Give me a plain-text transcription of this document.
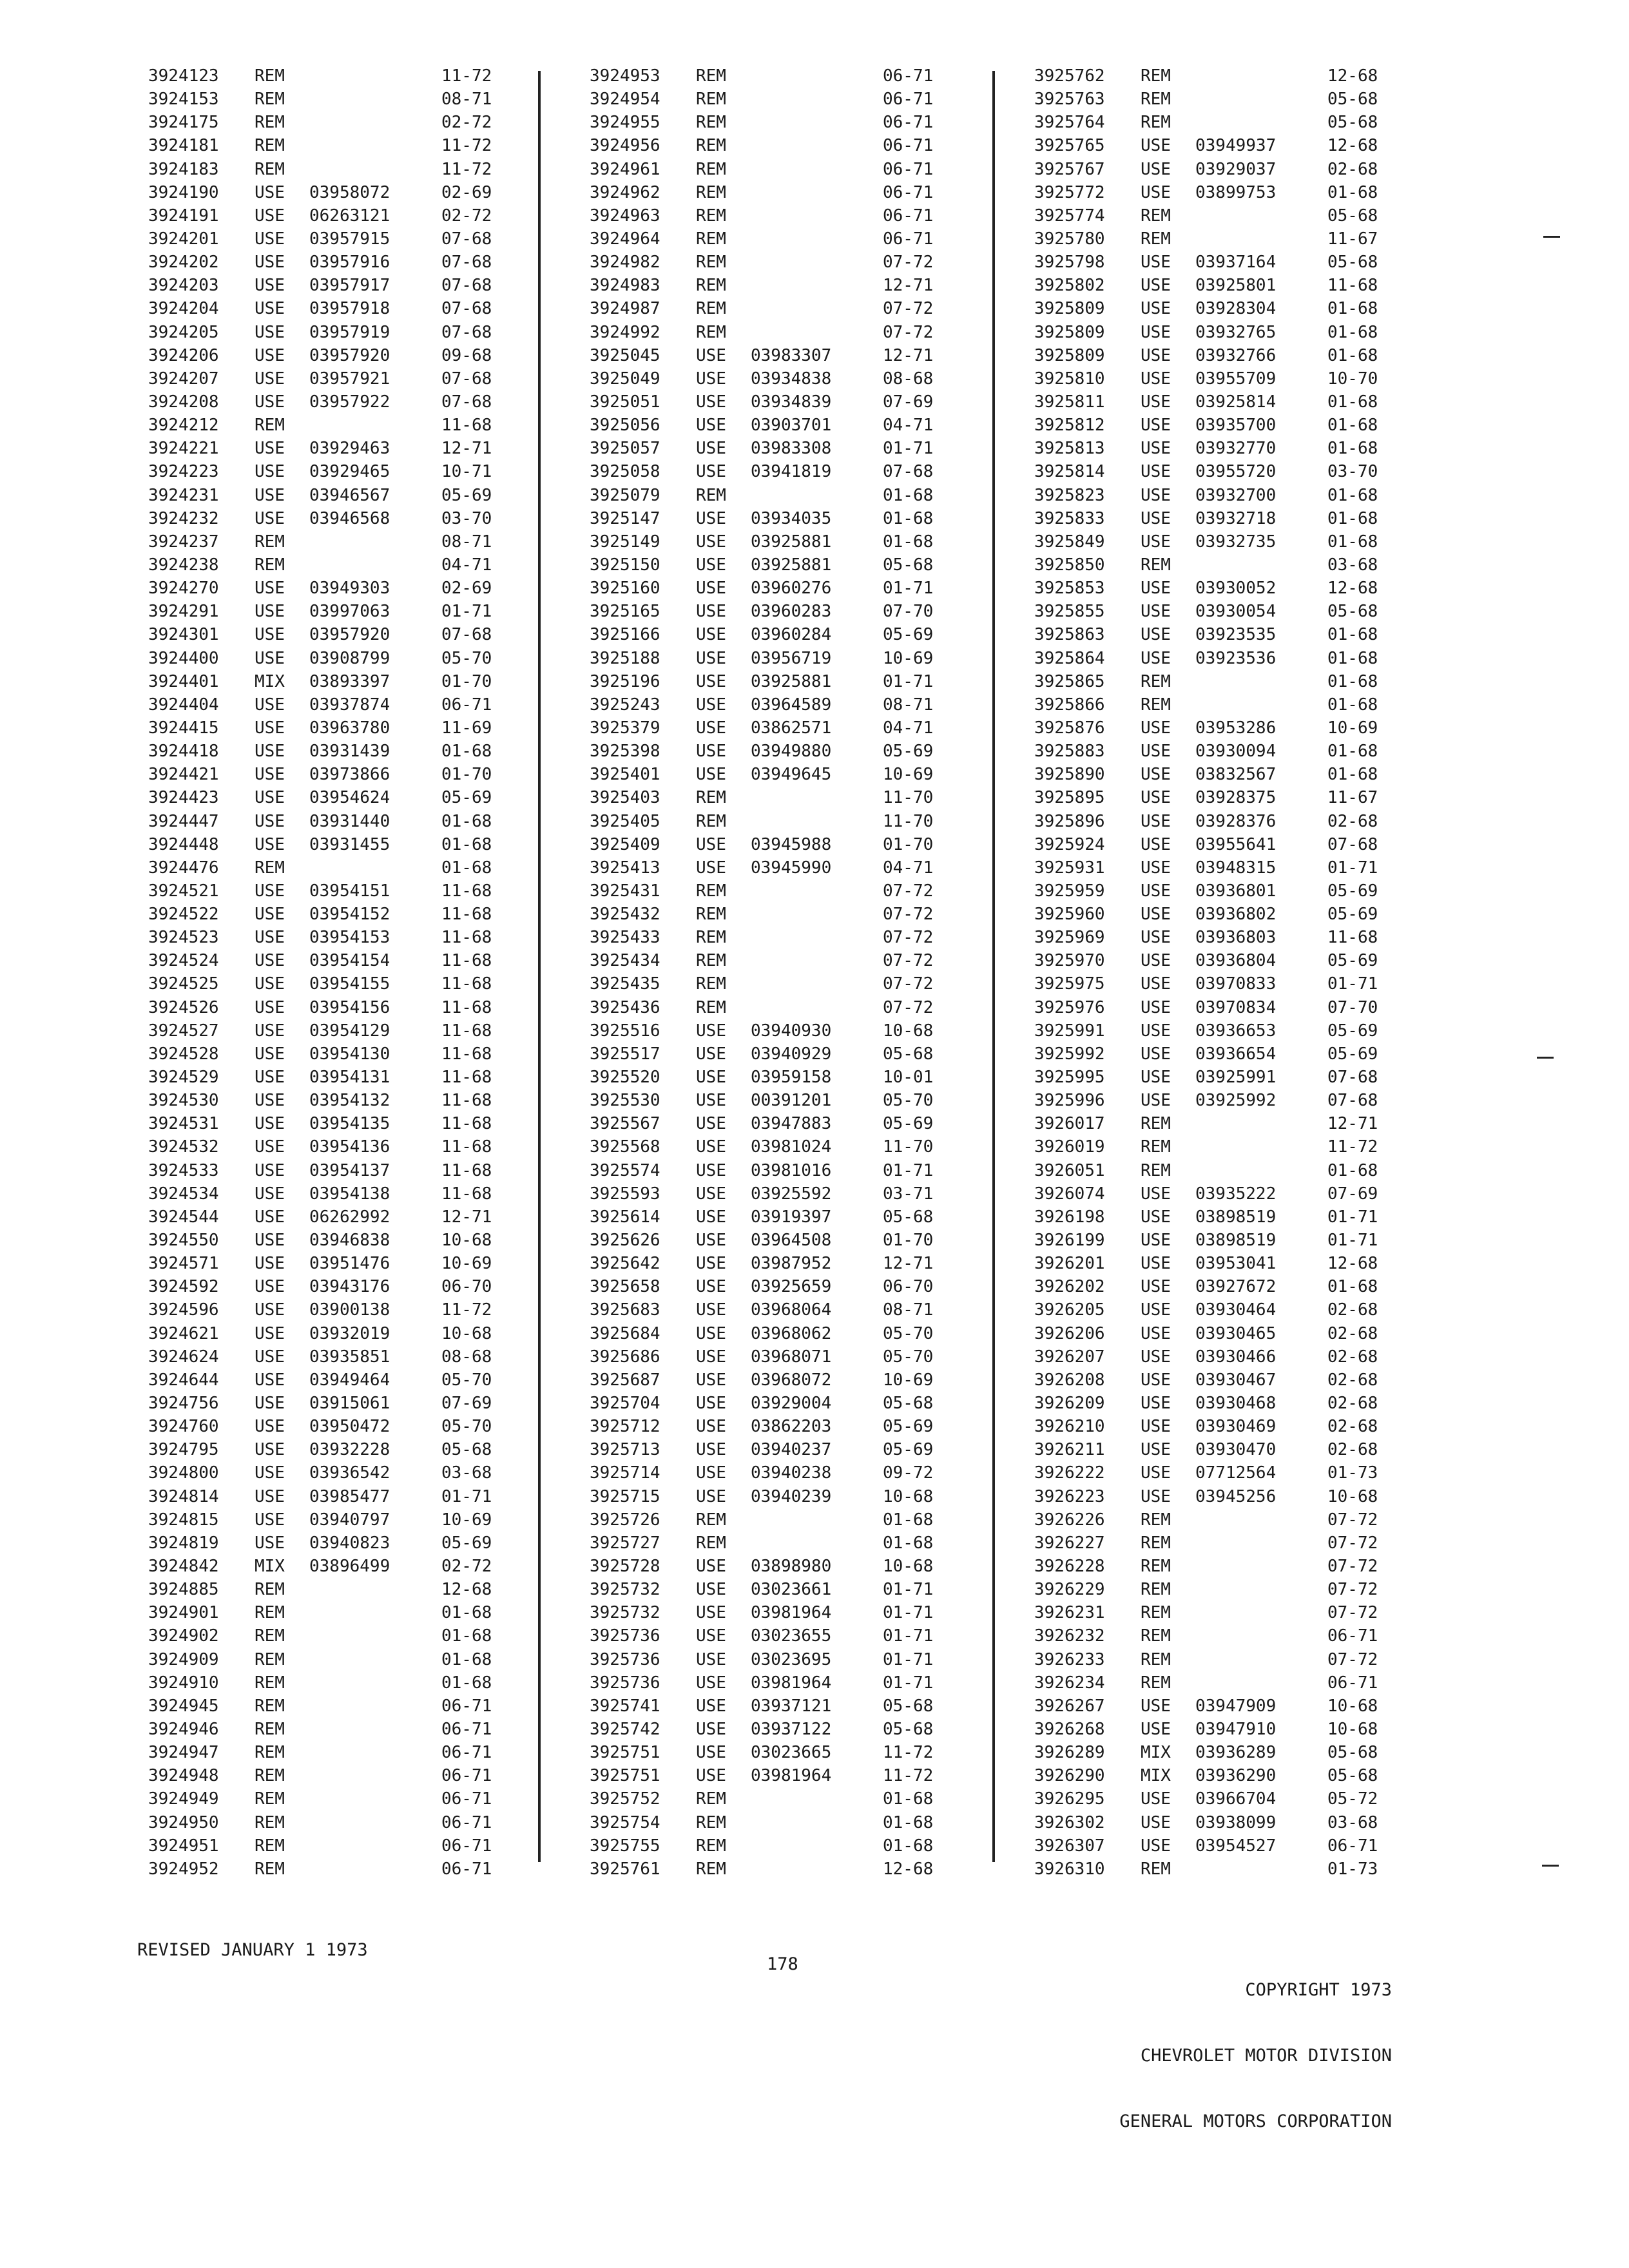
3924123 REM	11-72
3924153 REM	08-71
3924175 REM	02-72
3924181 REM	11-72
3924183 REM	11-72
3924190 USE 03958072	02-69
3924191 USE 06263121	02-72
3924201 USE 03957915	07-68
3924202 USE 03957916	07-68
3924203 USE 03957917	07-68
3924204 USE 03957918	07-68
3924205 USE 03957919	07-68
3924206 USE 03957920	09-68
3924207 USE 03957921	07-68
3924208 USE 03957922	07-68
3924212 REM	11-68
3924221 USE 03929463	12-71
3924223 USE 03929465	10-71
3924231 USE 03946567	05-69
3924232 USE 03946568	03-70
3924237 REM	08-71
3924238 REM	04-71
3924270 USE 03949303	02-69
3924291 USE 03997063	01-71
3924301 USE 03957920	07-68
3924400 USE 03908799	05-70
3924401 MIX 03893397	01-70
3924404 USE 03937874	06-71
3924415 USE 03963780	11-69
3924418 USE 03931439	01-68
3924421 USE 03973866	01-70
3924423 USE 03954624	05-69
3924447 USE 03931440	01-68
3924448 USE 03931455	01-68
3924476 REM	01-68
3924521 USE 03954151	11-68
3924522 USE 03954152	11-68
3924523 USE 03954153	11-68
3924524 USE 03954154	11-68
3924525 USE 03954155	11-68
3924526 USE 03954156	11-68
3924527 USE 03954129	11-68
3924528 USE 03954130	11-68
3924529 USE 03954131	11-68
3924530 USE 03954132	11-68
3924531 USE 03954135	11-68
3924532 USE 03954136	11-68
3924533 USE 03954137	11-68
3924534 USE 03954138	11-68
3924544 USE 06262992	12-71
3924550 USE 03946838	10-68
3924571 USE 03951476	10-69
3924592 USE 03943176	06-70
3924596 USE 03900138	11-72
3924621 USE 03932019	10-68
3924624 USE 03935851	08-68
3924644 USE 03949464	05-70
3924756 USE 03915061	07-69
3924760 USE 03950472	05-70
3924795 USE 03932228	05-68
3924800 USE 03936542	03-68
3924814 USE 03985477	01-71
3924815 USE 03940797	10-69
3924819 USE 03940823	05-69
3924842 MIX 03896499	02-72
3924885 REM	12-68
3924901 REM	01-68
3924902 REM	01-68
3924909 REM	01-68
3924910 REM	01-68
3924945 REM	06-71
3924946 REM	06-71
3924947 REM	06-71
3924948 REM	06-71
3924949 REM	06-71
3924950 REM	06-71
3924951 REM	06-71
3924952 REM	06-71
3924953 REM	06-71
3924954 REM	06-71
3924955 REM	06-71
3924956 REM	06-71
3924961 REM	06-71
3924962 REM	06-71
3924963 REM	06-71
3924964 REM	06-71
3924982 REM	07-72
3924983 REM	12-71
3924987 REM	07-72
3924992 REM	07-72
3925045 USE 03983307	12-71
3925049 USE 03934838	08-68
3925051 USE 03934839	07-69
3925056 USE 03903701	04-71
3925057 USE 03983308	01-71
3925058 USE 03941819	07-68
3925079 REM	01-68
3925147 USE 03934035	01-68
3925149 USE 03925881	01-68
3925150 USE 03925881	05-68
3925160 USE 03960276	01-71
3925165 USE 03960283	07-70
3925166 USE 03960284	05-69
3925188 USE 03956719	10-69
3925196 USE 03925881	01-71
3925243 USE 03964589	08-71
3925379 USE 03862571	04-71
3925398 USE 03949880	05-69
3925401 USE 03949645	10-69
3925403 REM	11-70
3925405 REM	11-70
3925409 USE 03945988	01-70
3925413 USE 03945990	04-71
3925431 REM	07-72
3925432 REM	07-72
3925433 REM	07-72
3925434 REM	07-72
3925435 REM	07-72
3925436 REM	07-72
3925516 USE 03940930	10-68
3925517 USE 03940929	05-68
3925520 USE 03959158	10-01
3925530 USE 00391201	05-70
3925567 USE 03947883	05-69
3925568 USE 03981024	11-70
3925574 USE 03981016	01-71
3925593 USE 03925592	03-71
3925614 USE 03919397	05-68
3925626 USE 03964508	01-70
3925642 USE 03987952	12-71
3925658 USE 03925659	06-70
3925683 USE 03968064	08-71
3925684 USE 03968062	05-70
3925686 USE 03968071	05-70
3925687 USE 03968072	10-69
3925704 USE 03929004	05-68
3925712 USE 03862203	05-69
3925713 USE 03940237	05-69
3925714 USE 03940238	09-72
3925715 USE 03940239	10-68
3925726 REM	01-68
3925727 REM	01-68
3925728 USE 03898980	10-68
3925732 USE 03023661	01-71
3925732 USE 03981964	01-71
3925736 USE 03023655	01-71
3925736 USE 03023695	01-71
3925736 USE 03981964	01-71
3925741 USE 03937121	05-68
3925742 USE 03937122	05-68
3925751 USE 03023665	11-72
3925751 USE 03981964	11-72
3925752 REM	01-68
3925754 REM	01-68
3925755 REM	01-68
3925761 REM	12-68
3925762 REM	12-68
3925763 REM	05-68
3925764 REM	05-68
3925765 USE 03949937	12-68
3925767 USE 03929037	02-68
3925772 USE 03899753	01-68
3925774 REM	05-68
3925780 REM	11-67
3925798 USE 03937164	05-68
3925802 USE 03925801	11-68
3925809 USE 03928304	01-68
3925809 USE 03932765	01-68
3925809 USE 03932766	01-68
3925810 USE 03955709	10-70
3925811 USE 03925814	01-68
3925812 USE 03935700	01-68
3925813 USE 03932770	01-68
3925814 USE 03955720	03-70
3925823 USE 03932700	01-68
3925833 USE 03932718	01-68
3925849 USE 03932735	01-68
3925850 REM	03-68
3925853 USE 03930052	12-68
3925855 USE 03930054	05-68
3925863 USE 03923535	01-68
3925864 USE 03923536	01-68
3925865 REM	01-68
3925866 REM	01-68
3925876 USE 03953286	10-69
3925883 USE 03930094	01-68
3925890 USE 03832567	01-68
3925895 USE 03928375	11-67
3925896 USE 03928376	02-68
3925924 USE 03955641	07-68
3925931 USE 03948315	01-71
3925959 USE 03936801	05-69
3925960 USE 03936802	05-69
3925969 USE 03936803	11-68
3925970 USE 03936804	05-69
3925975 USE 03970833	01-71
3925976 USE 03970834	07-70
3925991 USE 03936653	05-69
3925992 USE 03936654	05-69
3925995 USE 03925991	07-68
3925996 USE 03925992	07-68
3926017 REM	12-71
3926019 REM	11-72
3926051 REM	01-68
3926074 USE 03935222	07-69
3926198 USE 03898519	01-71
3926199 USE 03898519	01-71
3926201 USE 03953041	12-68
3926202 USE 03927672	01-68
3926205 USE 03930464	02-68
3926206 USE 03930465	02-68
3926207 USE 03930466	02-68
3926208 USE 03930467	02-68
3926209 USE 03930468	02-68
3926210 USE 03930469	02-68
3926211 USE 03930470	02-68
3926222 USE 07712564	01-73
3926223 USE 03945256	10-68
3926226 REM	07-72
3926227 REM	07-72
3926228 REM	07-72
3926229 REM	07-72
3926231 REM	07-72
3926232 REM	06-71
3926233 REM	07-72
3926234 REM	06-71
3926267 USE 03947909	10-68
3926268 USE 03947910	10-68
3926289 MIX 03936289	05-68
3926290 MIX 03936290	05-68
3926295 USE 03966704	05-72
3926302 USE 03938099	03-68
3926307 USE 03954527	06-71
3926310 REM	01-73
REVISED JANUARY 1 1973
178

COPYRIGHT 1973

CHEVROLET MOTOR DIVISION

GENERAL MOTORS CORPORATION
